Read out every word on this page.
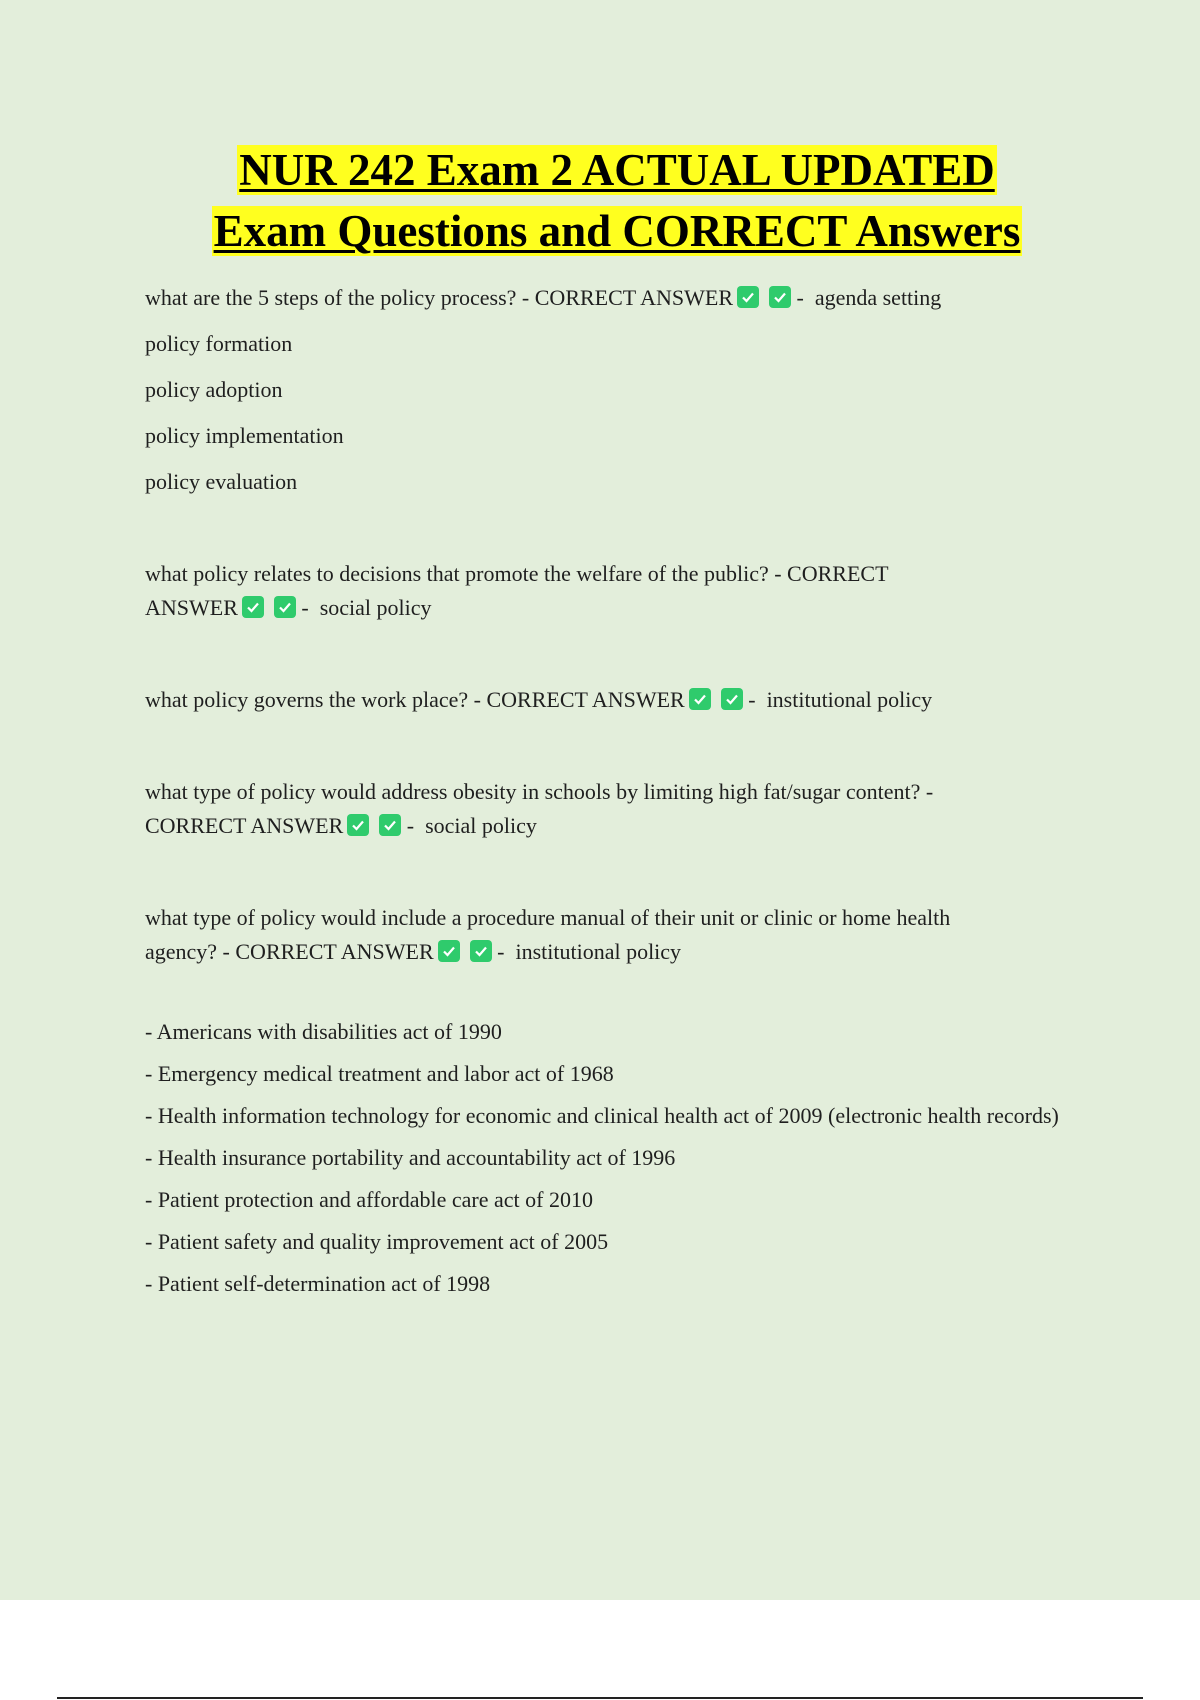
NUR 242 Exam 2 ACTUAL UPDATED
Exam Questions and CORRECT Answers
what are the 5 steps of the policy process? - CORRECT ANSWER	- agenda setting
policy formation
policy adoption
policy implementation
policy evaluation
what policy relates to decisions that promote the welfare of the public? - CORRECT
ANSWER	- social policy
what policy governs the work place? - CORRECT ANSWER	- institutional policy
what type of policy would address obesity in schools by limiting high fat/sugar content? -
CORRECT ANSWER	- social policy
what type of policy would include a procedure manual of their unit or clinic or home health
agency? - CORRECT ANSWER	- institutional policy
- Americans with disabilities act of 1990
- Emergency medical treatment and labor act of 1968
- Health information technology for economic and clinical health act of 2009 (electronic health records)
- Health insurance portability and accountability act of 1996
- Patient protection and affordable care act of 2010
- Patient safety and quality improvement act of 2005
- Patient self-determination act of 1998
